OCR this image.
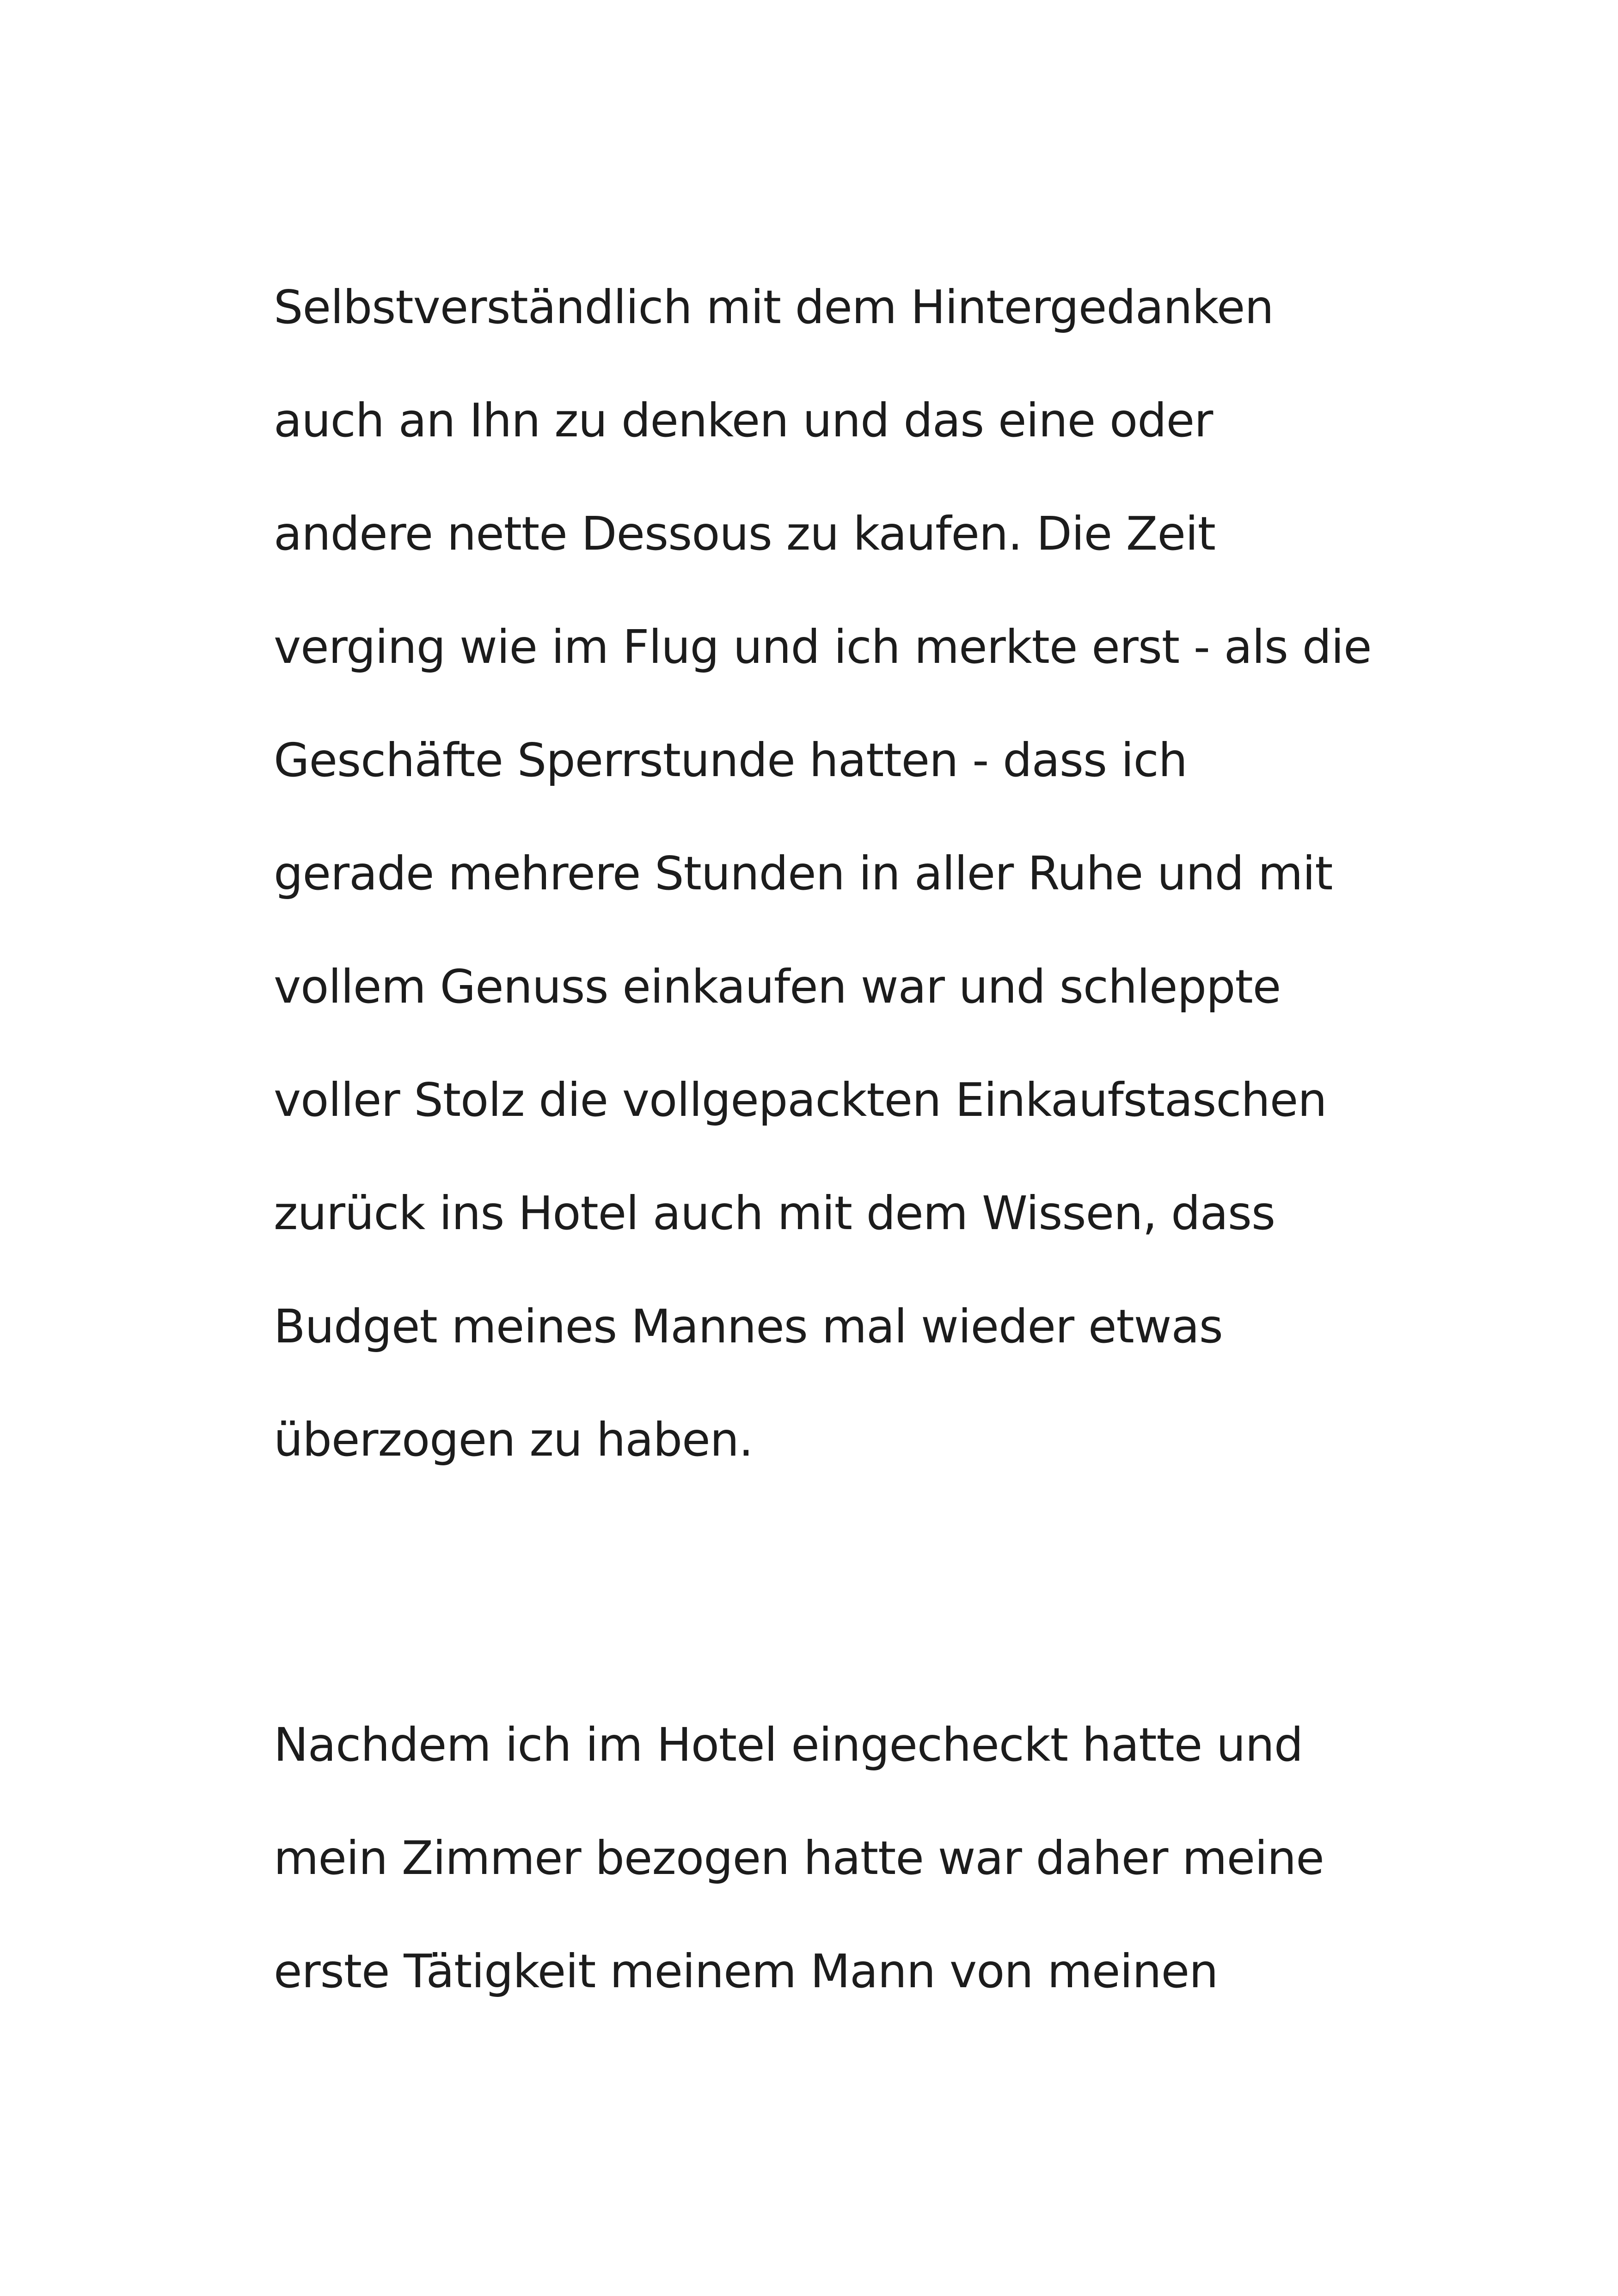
Selbstverständlich mit dem Hintergedanken
auch an Ihn zu denken und das eine oder
andere nette Dessous zu kaufen. Die Zeit
verging wie im Flug und ich merkte erst - als die
Geschäfte Sperrstunde hatten - dass ich
gerade mehrere Stunden in aller Ruhe und mit
vollem Genuss einkaufen war und schleppte
voller Stolz die vollgepackten Einkaufstaschen
zurück ins Hotel auch mit dem Wissen, dass
Budget meines Mannes mal wieder etwas
überzogen zu haben.
Nachdem ich im Hotel eingecheckt hatte und
mein Zimmer bezogen hatte war daher meine
erste Tätigkeit meinem Mann von meinen
